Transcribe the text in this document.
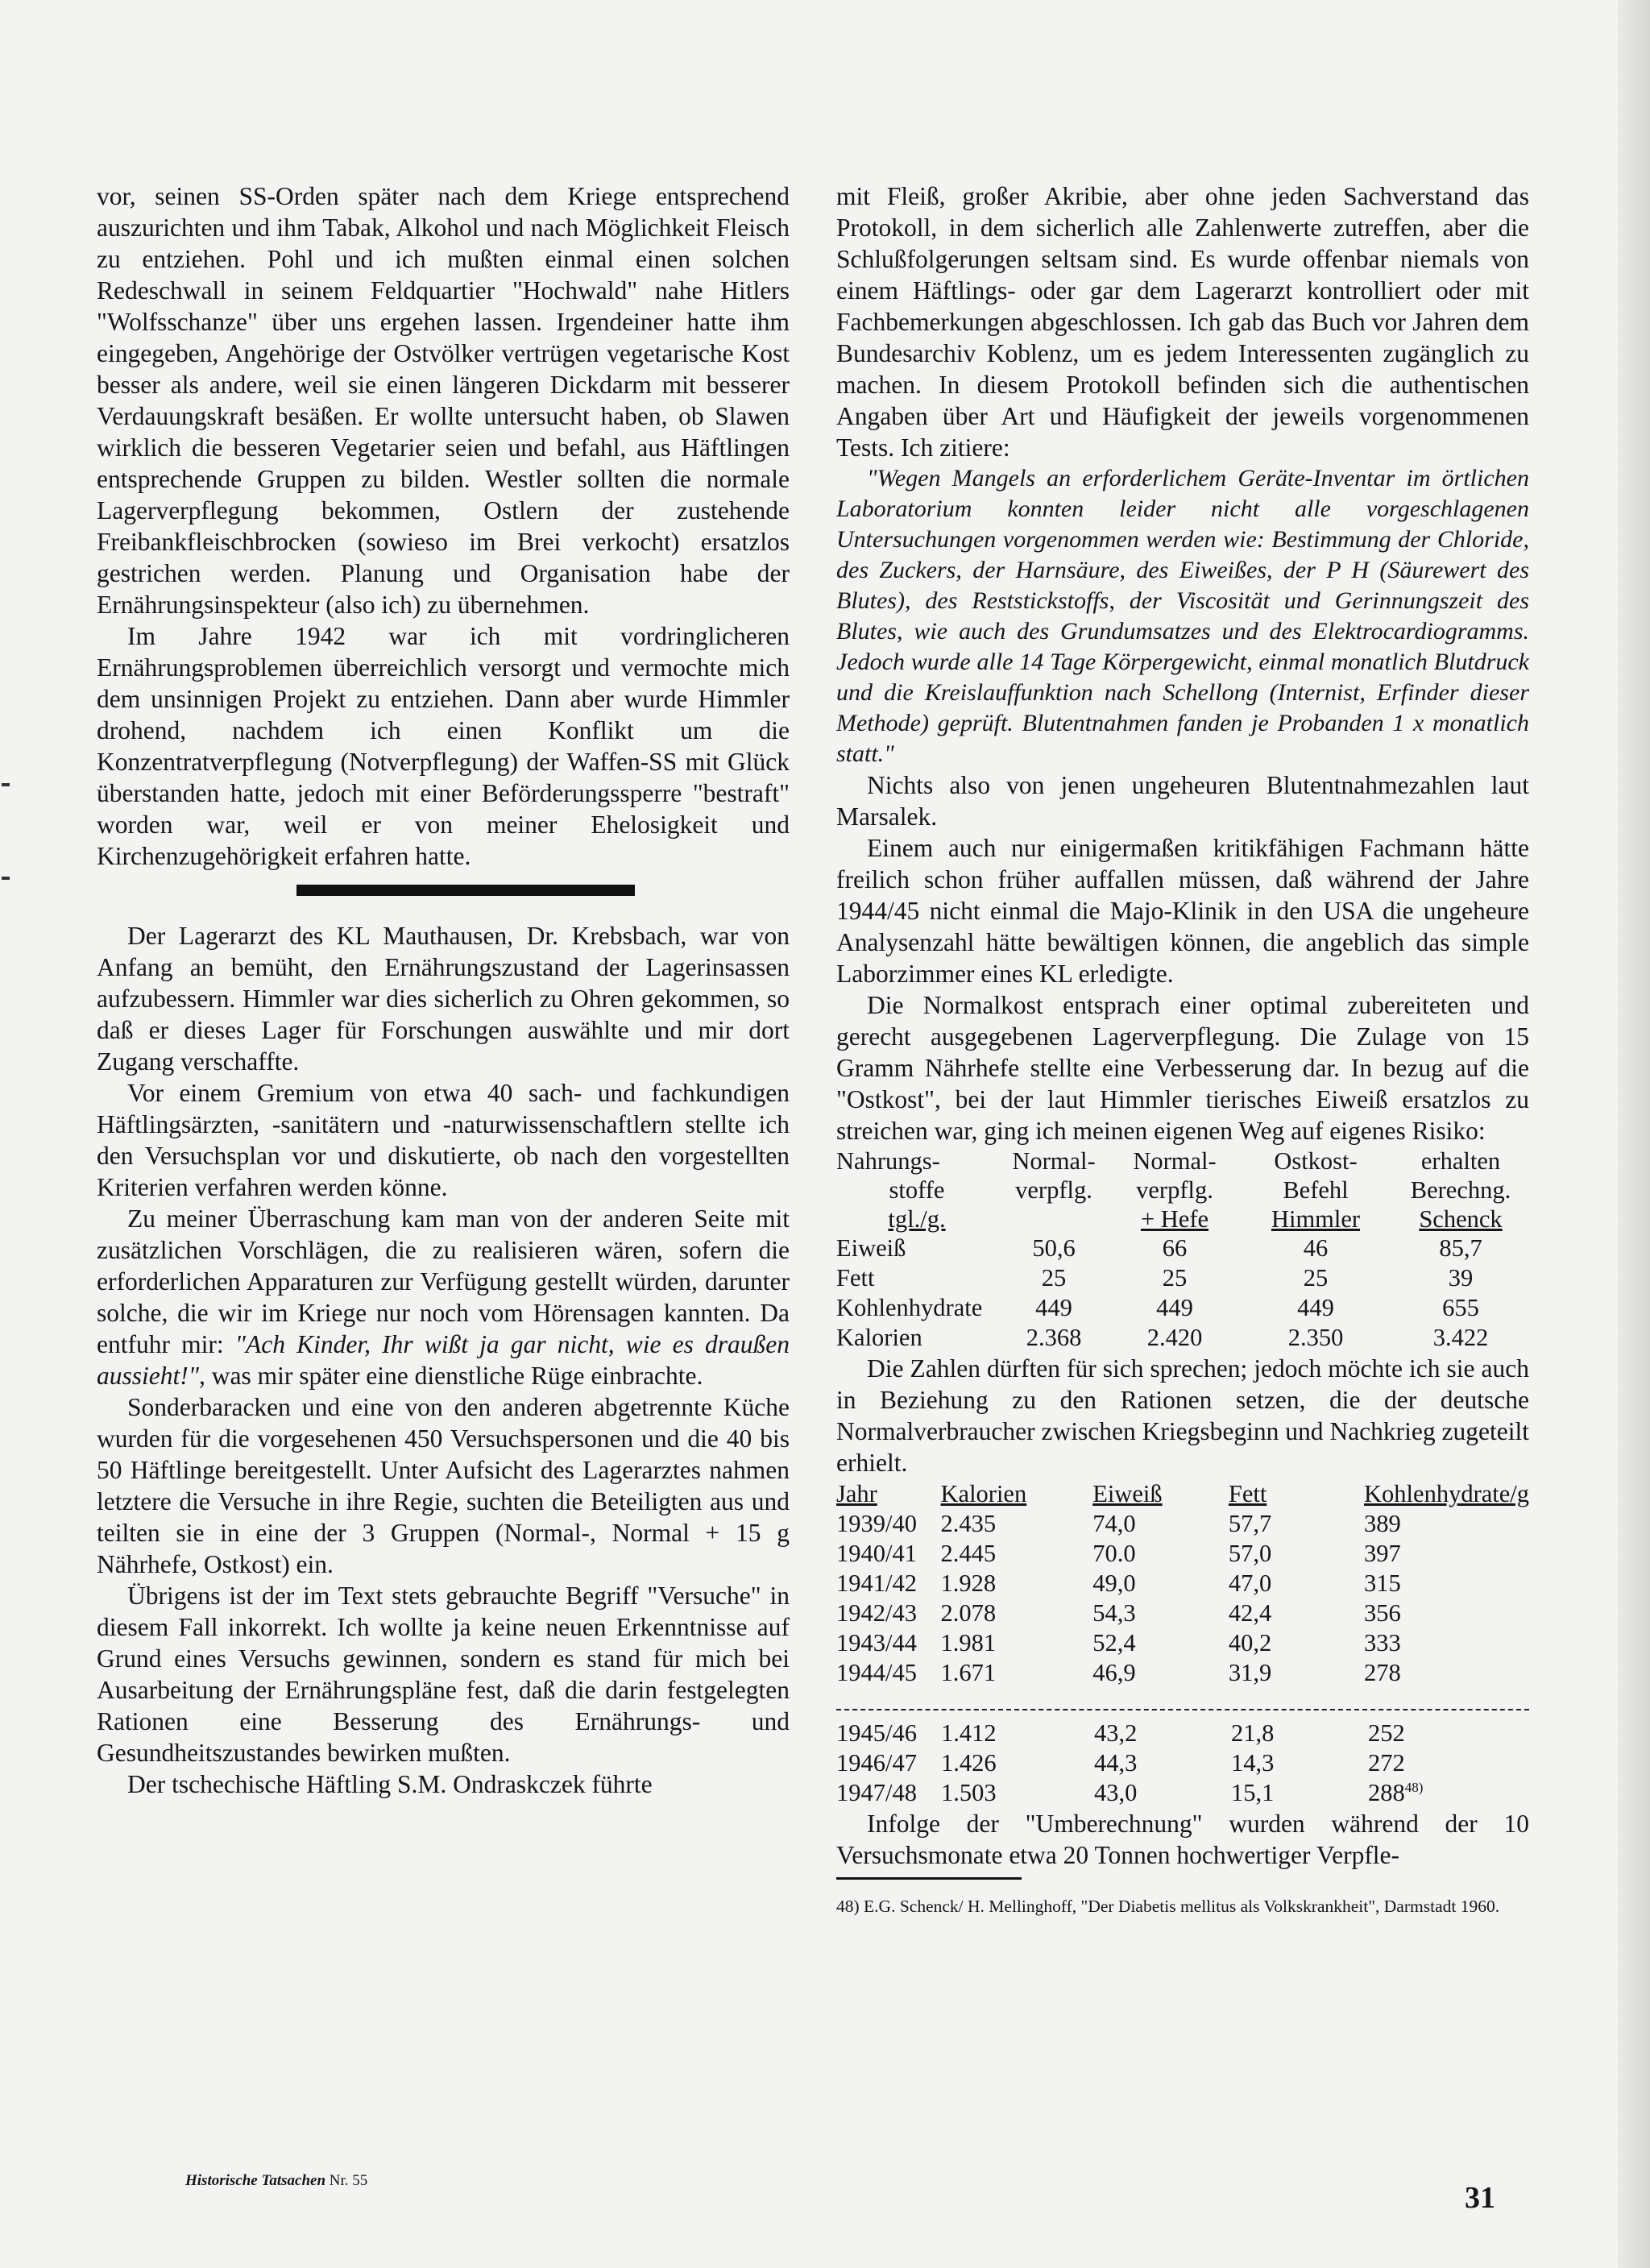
vor, seinen SS-Orden später nach dem Kriege entsprechend auszurichten und ihm Tabak, Alkohol und nach Möglichkeit Fleisch zu entziehen. Pohl und ich mußten einmal einen solchen Redeschwall in seinem Feldquartier "Hochwald" nahe Hitlers "Wolfsschanze" über uns ergehen lassen. Irgendeiner hatte ihm eingegeben, Angehörige der Ostvölker vertrügen vegetarische Kost besser als andere, weil sie einen längeren Dickdarm mit besserer Verdauungskraft besäßen. Er wollte untersucht haben, ob Slawen wirklich die besseren Vegetarier seien und befahl, aus Häftlingen entsprechende Gruppen zu bilden. Westler sollten die normale Lagerverpflegung bekommen, Ostlern der zustehende Freibankfleischbrocken (sowieso im Brei verkocht) ersatzlos gestrichen werden. Planung und Organisation habe der Ernährungsinspekteur (also ich) zu übernehmen.

Im Jahre 1942 war ich mit vordringlicheren Ernährungsproblemen überreichlich versorgt und vermochte mich dem unsinnigen Projekt zu entziehen. Dann aber wurde Himmler drohend, nachdem ich einen Konflikt um die Konzentratverpflegung (Notverpflegung) der Waffen-SS mit Glück überstanden hatte, jedoch mit einer Beförderungssperre "bestraft" worden war, weil er von meiner Ehelosigkeit und Kirchenzugehörigkeit erfahren hatte.

Der Lagerarzt des KL Mauthausen, Dr. Krebsbach, war von Anfang an bemüht, den Ernährungszustand der Lagerinsassen aufzubessern. Himmler war dies sicherlich zu Ohren gekommen, so daß er dieses Lager für Forschungen auswählte und mir dort Zugang verschaffte.

Vor einem Gremium von etwa 40 sach- und fachkundigen Häftlingsärzten, -sanitätern und -naturwissenschaftlern stellte ich den Versuchsplan vor und diskutierte, ob nach den vorgestellten Kriterien verfahren werden könne.

Zu meiner Überraschung kam man von der anderen Seite mit zusätzlichen Vorschlägen, die zu realisieren wären, sofern die erforderlichen Apparaturen zur Verfügung gestellt würden, darunter solche, die wir im Kriege nur noch vom Hörensagen kannten. Da entfuhr mir: "Ach Kinder, Ihr wißt ja gar nicht, wie es draußen aussieht!", was mir später eine dienstliche Rüge einbrachte.

Sonderbaracken und eine von den anderen abgetrennte Küche wurden für die vorgesehenen 450 Versuchspersonen und die 40 bis 50 Häftlinge bereitgestellt. Unter Aufsicht des Lagerarztes nahmen letztere die Versuche in ihre Regie, suchten die Beteiligten aus und teilten sie in eine der 3 Gruppen (Normal-, Normal + 15 g Nährhefe, Ostkost) ein.

Übrigens ist der im Text stets gebrauchte Begriff "Versuche" in diesem Fall inkorrekt. Ich wollte ja keine neuen Erkenntnisse auf Grund eines Versuchs gewinnen, sondern es stand für mich bei Ausarbeitung der Ernährungspläne fest, daß die darin festgelegten Rationen eine Besserung des Ernährungs- und Gesundheitszustandes bewirken mußten.

Der tschechische Häftling S.M. Ondraskczek führte

mit Fleiß, großer Akribie, aber ohne jeden Sachverstand das Protokoll, in dem sicherlich alle Zahlenwerte zutreffen, aber die Schlußfolgerungen seltsam sind. Es wurde offenbar niemals von einem Häftlings- oder gar dem Lagerarzt kontrolliert oder mit Fachbemerkungen abgeschlossen. Ich gab das Buch vor Jahren dem Bundesarchiv Koblenz, um es jedem Interessenten zugänglich zu machen. In diesem Protokoll befinden sich die authentischen Angaben über Art und Häufigkeit der jeweils vorgenommenen Tests. Ich zitiere:

"Wegen Mangels an erforderlichem Geräte-Inventar im örtlichen Laboratorium konnten leider nicht alle vorgeschlagenen Untersuchungen vorgenommen werden wie: Bestimmung der Chloride, des Zuckers, der Harnsäure, des Eiweißes, der P H (Säurewert des Blutes), des Reststickstoffs, der Viscosität und Gerinnungszeit des Blutes, wie auch des Grundumsatzes und des Elektrocardiogramms. Jedoch wurde alle 14 Tage Körpergewicht, einmal monatlich Blutdruck und die Kreislauffunktion nach Schellong (Internist, Erfinder dieser Methode) geprüft. Blutentnahmen fanden je Probanden 1 x monatlich statt."

Nichts also von jenen ungeheuren Blutentnahmezahlen laut Marsalek.

Einem auch nur einigermaßen kritikfähigen Fachmann hätte freilich schon früher auffallen müssen, daß während der Jahre 1944/45 nicht einmal die Majo-Klinik in den USA die ungeheure Analysenzahl hätte bewältigen können, die angeblich das simple Laborzimmer eines KL erledigte.

Die Normalkost entsprach einer optimal zubereiteten und gerecht ausgegebenen Lagerverpflegung. Die Zulage von 15 Gramm Nährhefe stellte eine Verbesserung dar. In bezug auf die "Ostkost", bei der laut Himmler tierisches Eiweiß ersatzlos zu streichen war, ging ich meinen eigenen Weg auf eigenes Risiko:

Nahrungs-	Normal-	Normal-	Ostkost-	erhalten
stoffe	verpflg.	verpflg.	Befehl	Berechng.
tgl./g.		+ Hefe	Himmler	Schenck
Eiweiß	50,6	66	46	85,7
Fett	25	25	25	39
Kohlenhydrate	449	449	449	655
Kalorien	2.368	2.420	2.350	3.422

Die Zahlen dürften für sich sprechen; jedoch möchte ich sie auch in Beziehung zu den Rationen setzen, die der deutsche Normalverbraucher zwischen Kriegsbeginn und Nachkrieg zugeteilt erhielt.

Jahr	Kalorien	Eiweiß	Fett	Kohlenhydrate/g
1939/40	2.435	74,0	57,7	389
1940/41	2.445	70.0	57,0	397
1941/42	1.928	49,0	47,0	315
1942/43	2.078	54,3	42,4	356
1943/44	1.981	52,4	40,2	333
1944/45	1.671	46,9	31,9	278
1945/46	1.412	43,2	21,8	252
1946/47	1.426	44,3	14,3	272
1947/48	1.503	43,0	15,1	288$^{48)}$

Infolge der "Umberechnung" wurden während der 10 Versuchsmonate etwa 20 Tonnen hochwertiger Verpfle-

48) E.G. Schenck/ H. Mellinghoff, "Der Diabetis mellitus als Volkskrankheit", Darmstadt 1960.

Historische Tatsachen Nr. 55
31
